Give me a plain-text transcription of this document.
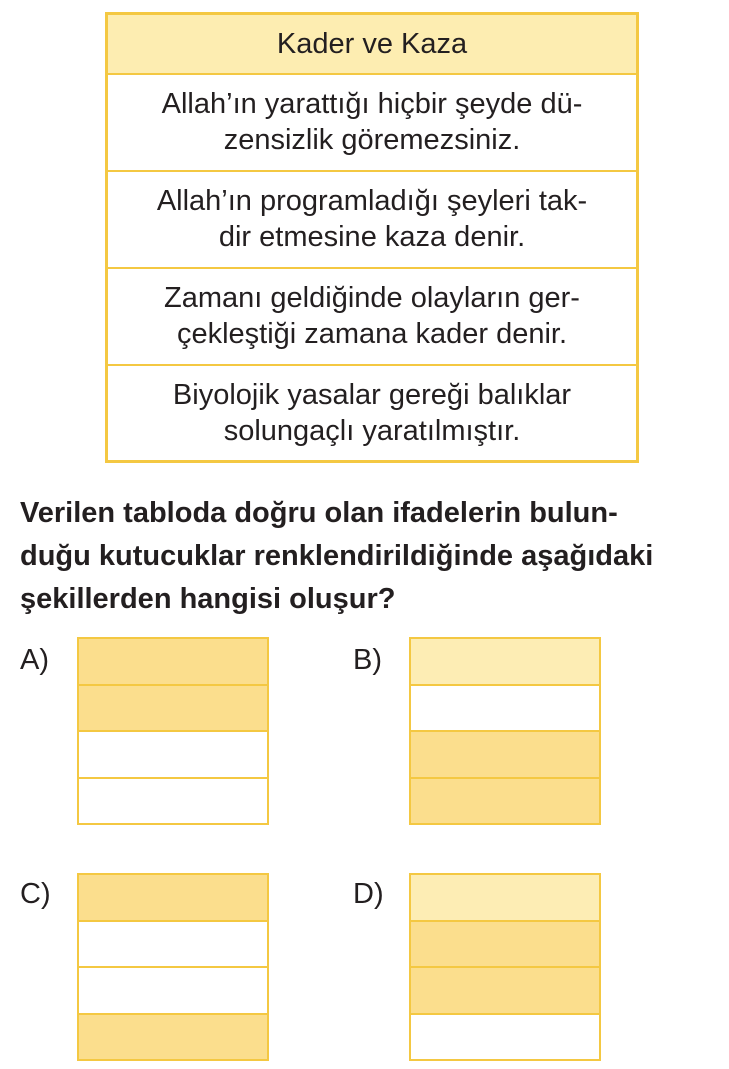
Kader ve Kaza
Allah’ın yarattığı hiçbir şeyde dü-
zensizlik göremezsiniz.
Allah’ın programladığı şeyleri tak-
dir etmesine kaza denir.
Zamanı geldiğinde olayların ger-
çekleştiği zamana kader denir.
Biyolojik yasalar gereği balıklar
solungaçlı yaratılmıştır.

Verilen tabloda doğru olan ifadelerin bulun-
duğu kutucuklar renklendirildiğinde aşağıdaki
şekillerden hangisi oluşur?

A)	B)
C)	D)
